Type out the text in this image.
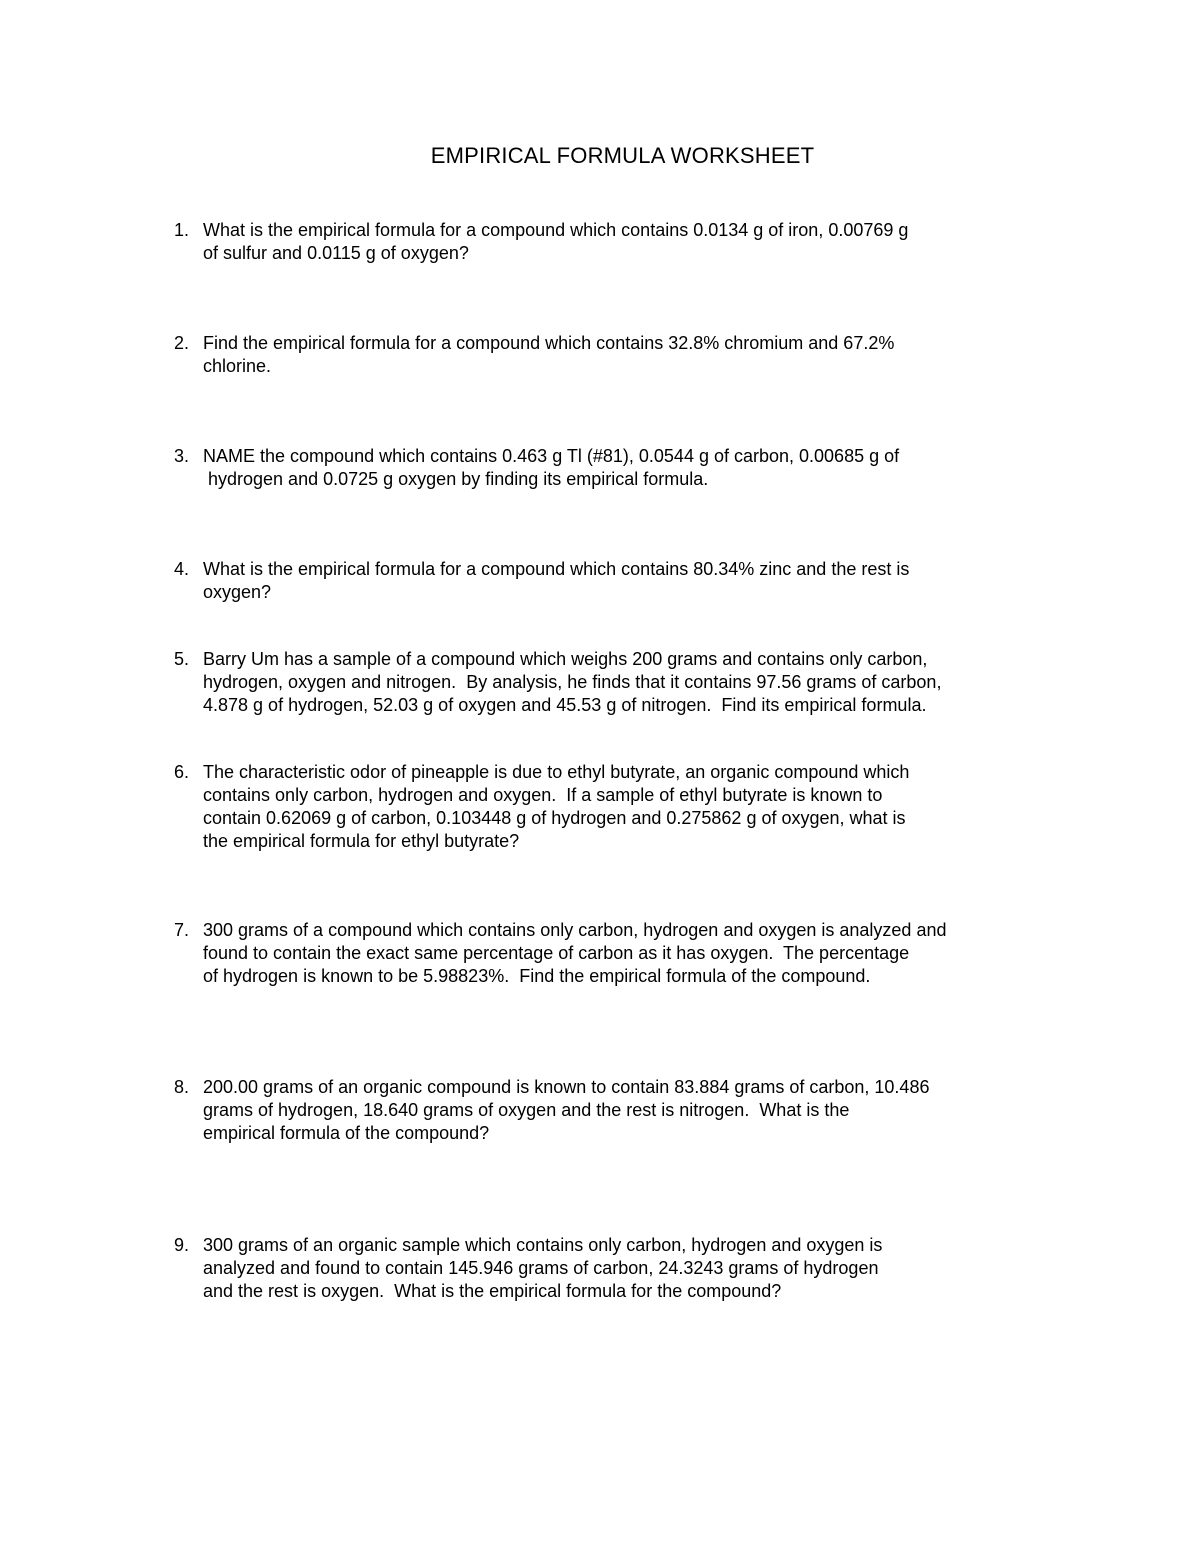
EMPIRICAL FORMULA WORKSHEET
1. What is the empirical formula for a compound which contains 0.0134 g of iron, 0.00769 g
of sulfur and 0.0115 g of oxygen?
2. Find the empirical formula for a compound which contains 32.8% chromium and 67.2%
chlorine.
3. NAME the compound which contains 0.463 g Tl (#81), 0.0544 g of carbon, 0.00685 g of
hydrogen and 0.0725 g oxygen by finding its empirical formula.
4. What is the empirical formula for a compound which contains 80.34% zinc and the rest is
oxygen?
5. Barry Um has a sample of a compound which weighs 200 grams and contains only carbon,
hydrogen, oxygen and nitrogen.  By analysis, he finds that it contains 97.56 grams of carbon,
4.878 g of hydrogen, 52.03 g of oxygen and 45.53 g of nitrogen.  Find its empirical formula.
6. The characteristic odor of pineapple is due to ethyl butyrate, an organic compound which
contains only carbon, hydrogen and oxygen.  If a sample of ethyl butyrate is known to
contain 0.62069 g of carbon, 0.103448 g of hydrogen and 0.275862 g of oxygen, what is
the empirical formula for ethyl butyrate?
7. 300 grams of a compound which contains only carbon, hydrogen and oxygen is analyzed and
found to contain the exact same percentage of carbon as it has oxygen.  The percentage
of hydrogen is known to be 5.98823%.  Find the empirical formula of the compound.
8. 200.00 grams of an organic compound is known to contain 83.884 grams of carbon, 10.486
grams of hydrogen, 18.640 grams of oxygen and the rest is nitrogen.  What is the
empirical formula of the compound?
9. 300 grams of an organic sample which contains only carbon, hydrogen and oxygen is
analyzed and found to contain 145.946 grams of carbon, 24.3243 grams of hydrogen
and the rest is oxygen.  What is the empirical formula for the compound?
